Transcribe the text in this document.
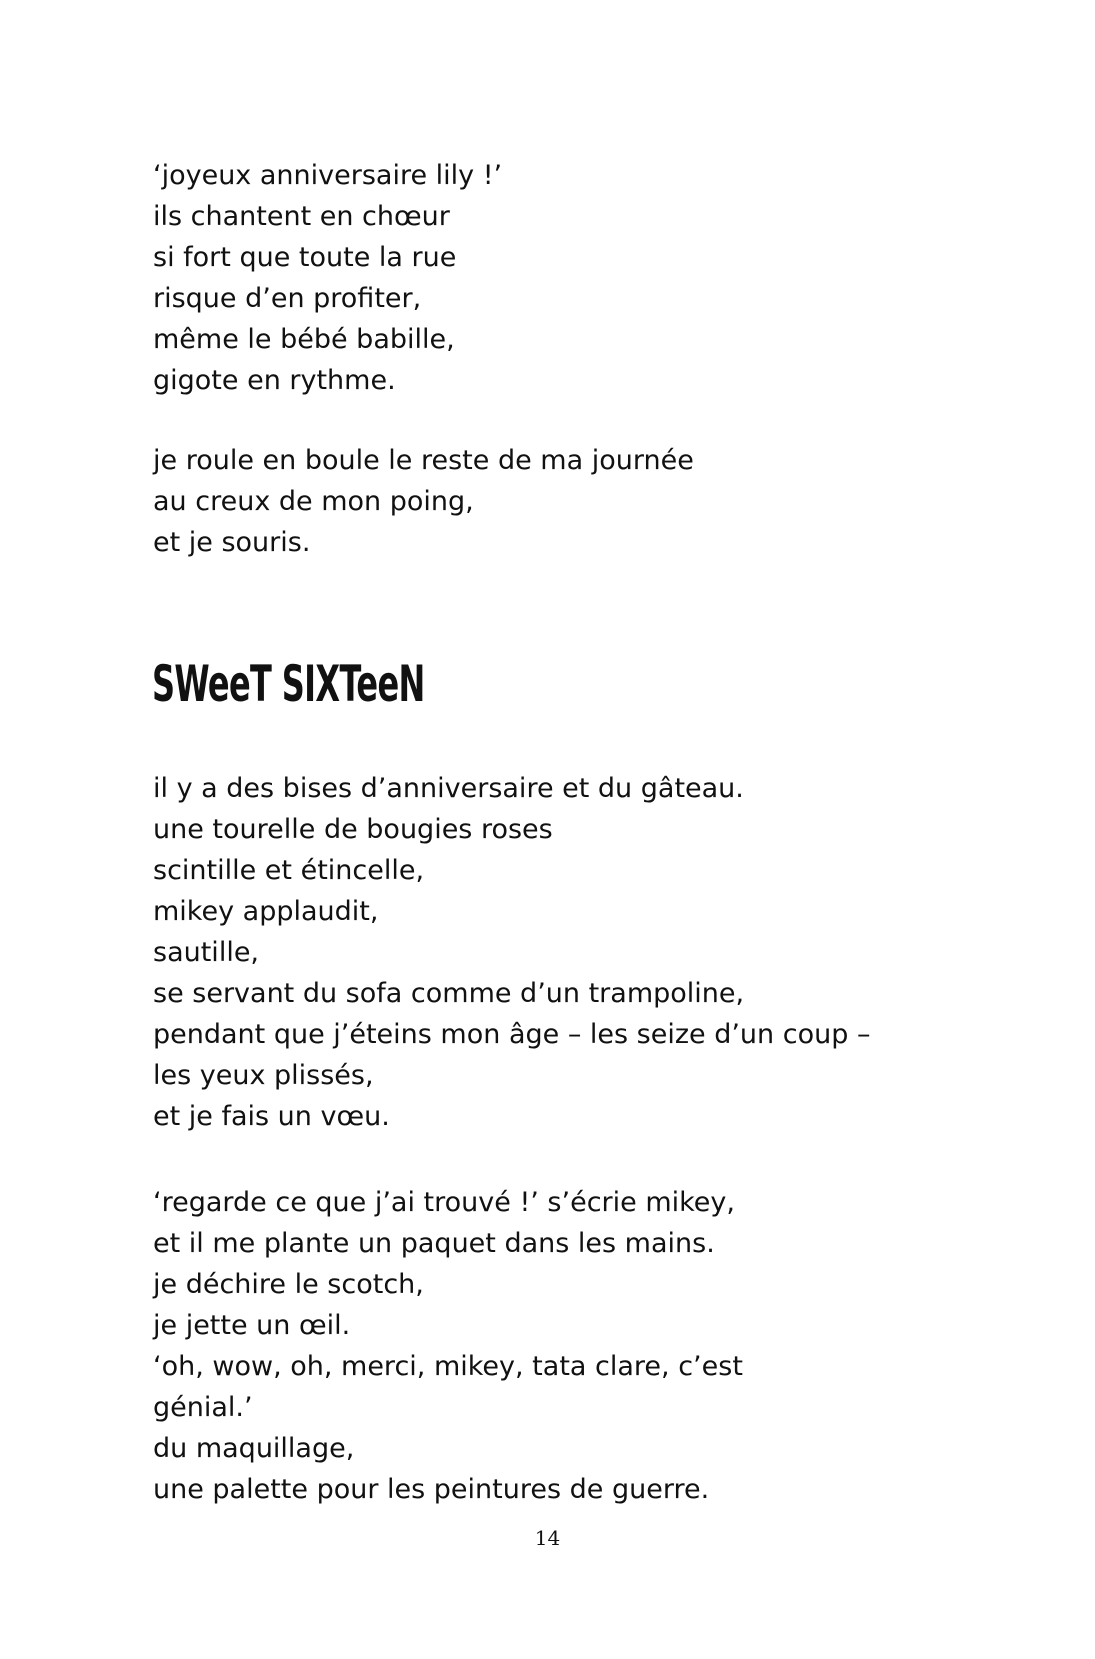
‘joyeux anniversaire lily !’
ils chantent en chœur
si fort que toute la rue
risque d’en profiter,
même le bébé babille,
gigote en rythme.
je roule en boule le reste de ma journée
au creux de mon poing,
et je souris.
SWeeT SIXTeeN
il y a des bises d’anniversaire et du gâteau.
une tourelle de bougies roses
scintille et étincelle,
mikey applaudit,
sautille,
se servant du sofa comme d’un trampoline,
pendant que j’éteins mon âge – les seize d’un coup –
les yeux plissés,
et je fais un vœu.
‘regarde ce que j’ai trouvé !’ s’écrie mikey,
et il me plante un paquet dans les mains.
je déchire le scotch,
je jette un œil.
‘oh, wow, oh, merci, mikey, tata clare, c’est
génial.’
du maquillage,
une palette pour les peintures de guerre.
14
